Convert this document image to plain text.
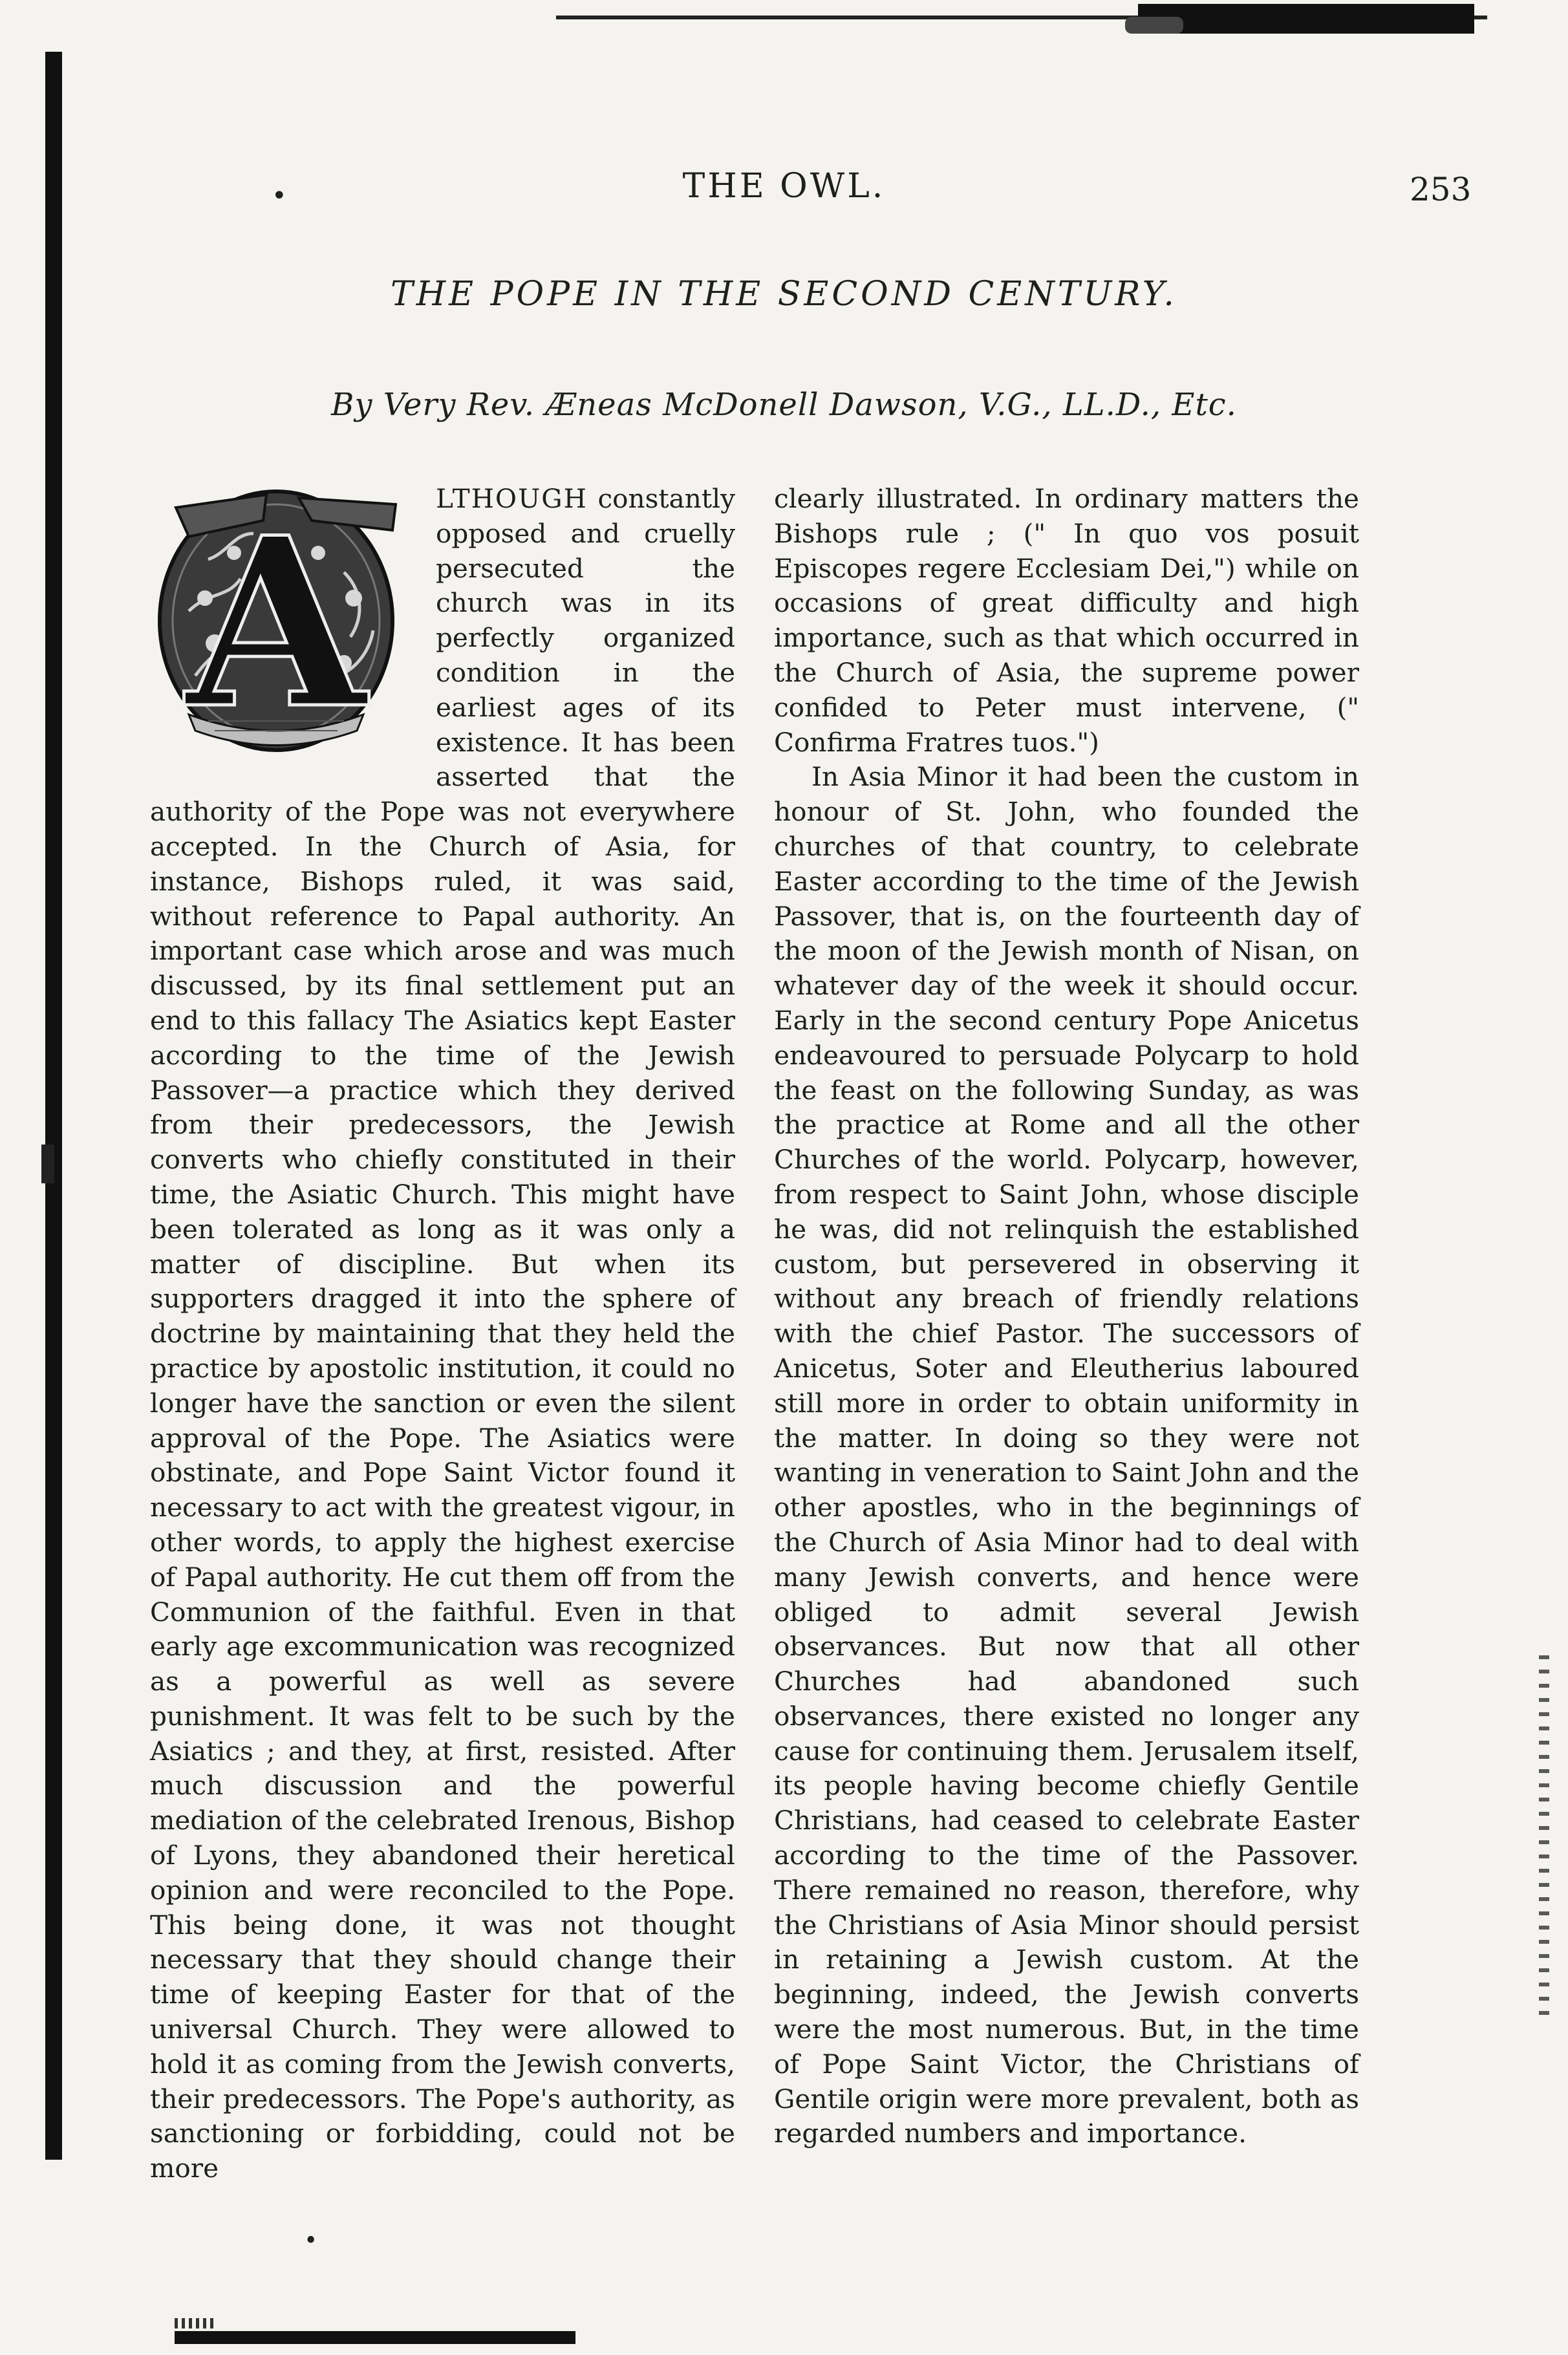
•	THE OWL.	253
THE POPE IN THE SECOND CENTURY.
By Very Rev. Æneas McDonell Dawson, V.G., LL.D., Etc.
A	LTHOUGH constantly opposed and cruelly persecuted the church was in its perfectly organized condition in the earliest ages of its existence. It has been asserted that the authority of the Pope was not everywhere accepted. In the Church of Asia, for instance, Bishops ruled, it was said, without reference to Papal authority. An important case which arose and was much discussed, by its final settlement put an end to this fallacy The Asiatics kept Easter according to the time of the Jewish Passover—a practice which they derived from their predecessors, the Jewish converts who chiefly constituted in their time, the Asiatic Church. This might have been tolerated as long as it was only a matter of discipline. But when its supporters dragged it into the sphere of doctrine by maintaining that they held the practice by apostolic institution, it could no longer have the sanction or even the silent approval of the Pope. The Asiatics were obstinate, and Pope Saint Victor found it necessary to act with the greatest vigour, in other words, to apply the highest exercise of Papal authority. He cut them off from the Communion of the faithful. Even in that early age excommunication was recognized as a powerful as well as severe punishment. It was felt to be such by the Asiatics ; and they, at first, resisted. After much discussion and the powerful mediation of the celebrated Irenous, Bishop of Lyons, they abandoned their heretical opinion and were reconciled to the Pope. This being done, it was not thought necessary that they should change their time of keeping Easter for that of the universal Church. They were allowed to hold it as coming from the Jewish converts, their predecessors. The Pope's authority, as sanctioning or forbidding, could not be more

clearly illustrated. In ordinary matters the Bishops rule ; (" In quo vos posuit Episcopes regere Ecclesiam Dei,") while on occasions of great difficulty and high importance, such as that which occurred in the Church of Asia, the supreme power confided to Peter must intervene, (" Confirma Fratres tuos.")

In Asia Minor it had been the custom in honour of St. John, who founded the churches of that country, to celebrate Easter according to the time of the Jewish Passover, that is, on the fourteenth day of the moon of the Jewish month of Nisan, on whatever day of the week it should occur. Early in the second century Pope Anicetus endeavoured to persuade Polycarp to hold the feast on the following Sunday, as was the practice at Rome and all the other Churches of the world. Polycarp, however, from respect to Saint John, whose disciple he was, did not relinquish the established custom, but persevered in observing it without any breach of friendly relations with the chief Pastor. The successors of Anicetus, Soter and Eleutherius laboured still more in order to obtain uniformity in the matter. In doing so they were not wanting in veneration to Saint John and the other apostles, who in the beginnings of the Church of Asia Minor had to deal with many Jewish converts, and hence were obliged to admit several Jewish observances. But now that all other Churches had abandoned such observances, there existed no longer any cause for continuing them. Jerusalem itself, its people having become chiefly Gentile Christians, had ceased to celebrate Easter according to the time of the Passover. There remained no reason, therefore, why the Christians of Asia Minor should persist in retaining a Jewish custom. At the beginning, indeed, the Jewish converts were the most numerous. But, in the time of Pope Saint Victor, the Christians of Gentile origin were more prevalent, both as regarded numbers and importance.

•
